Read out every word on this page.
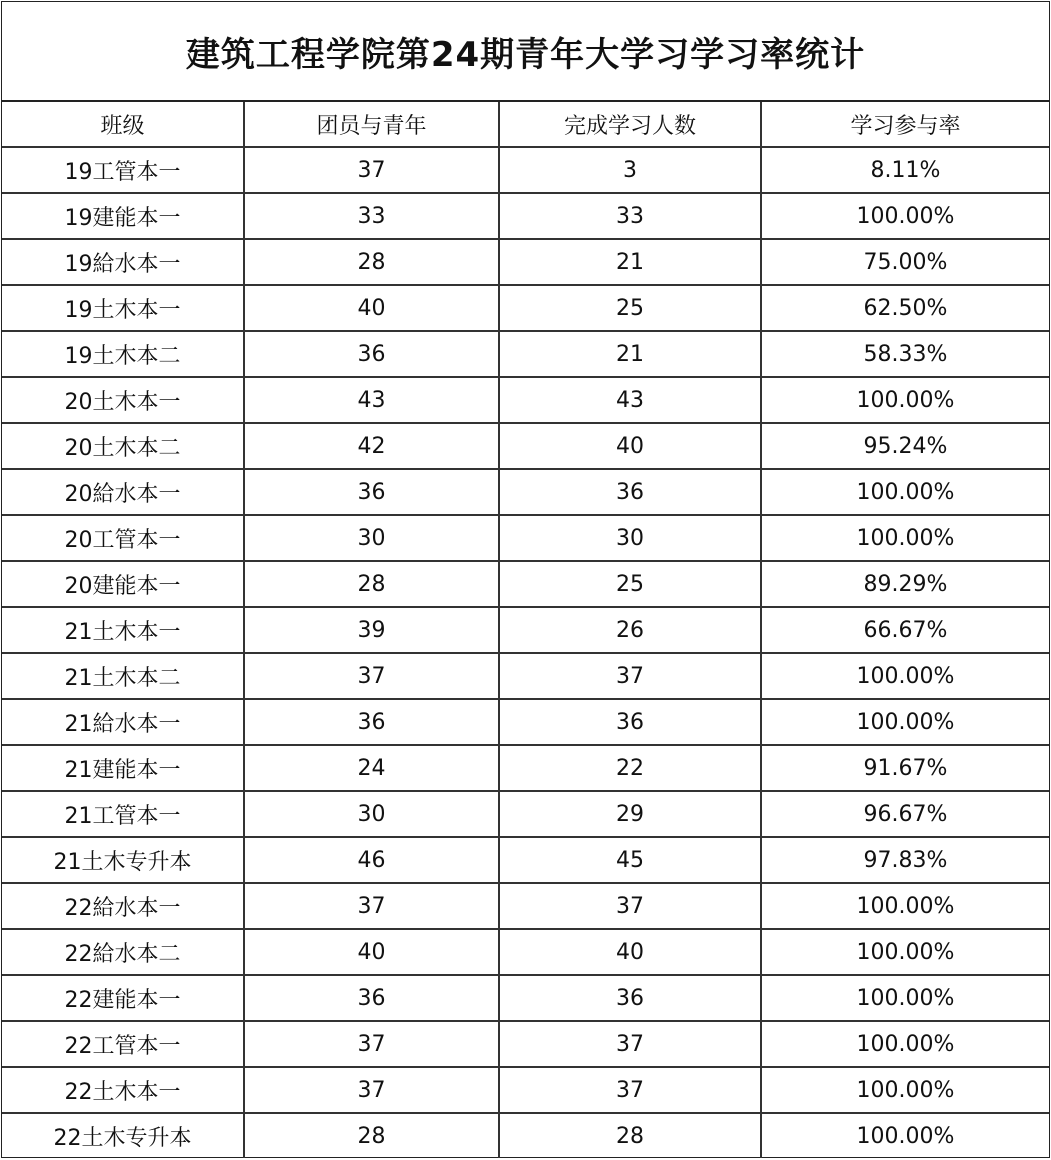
建筑工程学院第24期青年大学习学习率统计
班级	团员与青年	完成学习人数	学习参与率
19工管本一	37	3	8.11%
19建能本一	33	33	100.00%
19給水本一	28	21	75.00%
19土木本一	40	25	62.50%
19土木本二	36	21	58.33%
20土木本一	43	43	100.00%
20土木本二	42	40	95.24%
20給水本一	36	36	100.00%
20工管本一	30	30	100.00%
20建能本一	28	25	89.29%
21土木本一	39	26	66.67%
21土木本二	37	37	100.00%
21給水本一	36	36	100.00%
21建能本一	24	22	91.67%
21工管本一	30	29	96.67%
21土木专升本	46	45	97.83%
22給水本一	37	37	100.00%
22給水本二	40	40	100.00%
22建能本一	36	36	100.00%
22工管本一	37	37	100.00%
22土木本一	37	37	100.00%
22土木专升本	28	28	100.00%
